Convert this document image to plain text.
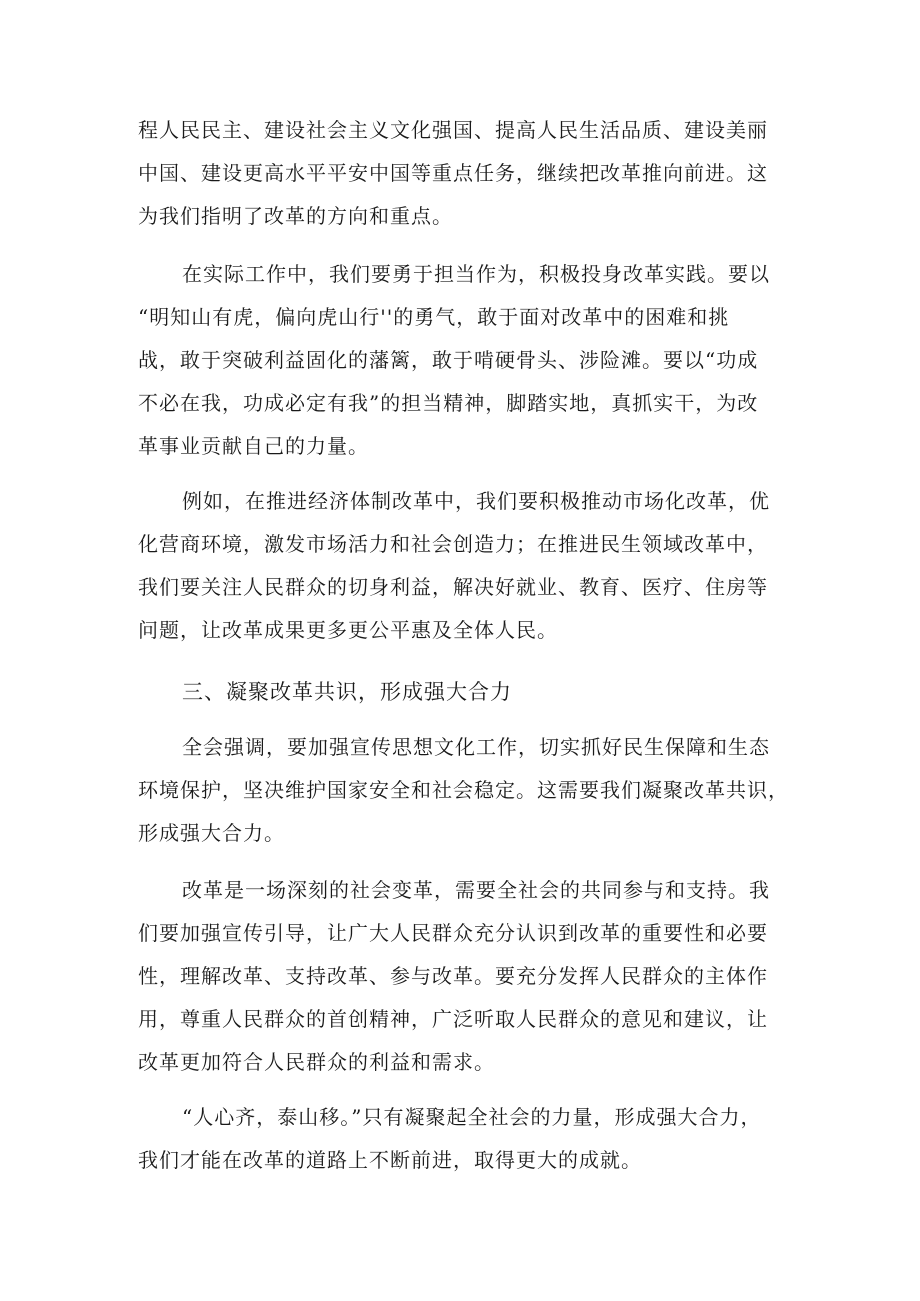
程人民民主、建设社会主义文化强国、提高人民生活品质、建设美丽
中国、建设更高水平平安中国等重点任务，继续把改革推向前进。这
为我们指明了改革的方向和重点。
在实际工作中，我们要勇于担当作为，积极投身改革实践。要以
“明知山有虎，偏向虎山行''的勇气，敢于面对改革中的困难和挑
战，敢于突破利益固化的藩篱，敢于啃硬骨头、涉险滩。要以“功成
不必在我，功成必定有我”的担当精神，脚踏实地，真抓实干，为改
革事业贡献自己的力量。
例如，在推进经济体制改革中，我们要积极推动市场化改革，优
化营商环境，激发市场活力和社会创造力；在推进民生领域改革中，
我们要关注人民群众的切身利益，解决好就业、教育、医疗、住房等
问题，让改革成果更多更公平惠及全体人民。
三、凝聚改革共识，形成强大合力
全会强调，要加强宣传思想文化工作，切实抓好民生保障和生态
环境保护，坚决维护国家安全和社会稳定。这需要我们凝聚改革共识，
形成强大合力。
改革是一场深刻的社会变革，需要全社会的共同参与和支持。我
们要加强宣传引导，让广大人民群众充分认识到改革的重要性和必要
性，理解改革、支持改革、参与改革。要充分发挥人民群众的主体作
用，尊重人民群众的首创精神，广泛听取人民群众的意见和建议，让
改革更加符合人民群众的利益和需求。
“人心齐，泰山移。”只有凝聚起全社会的力量，形成强大合力，
我们才能在改革的道路上不断前进，取得更大的成就。
